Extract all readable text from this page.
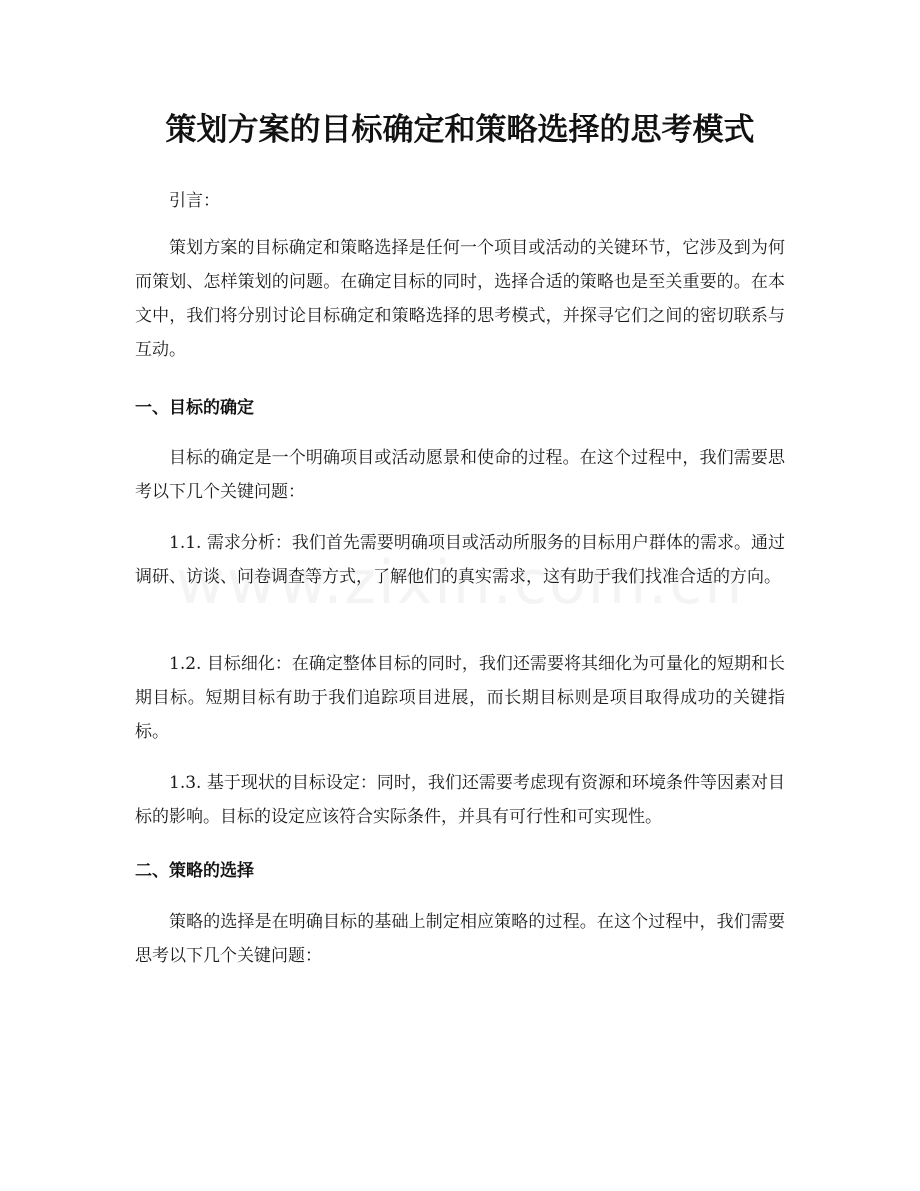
策划方案的目标确定和策略选择的思考模式

引言：

策划方案的目标确定和策略选择是任何一个项目或活动的关键环节，它涉及到为何而策划、怎样策划的问题。在确定目标的同时，选择合适的策略也是至关重要的。在本文中，我们将分别讨论目标确定和策略选择的思考模式，并探寻它们之间的密切联系与互动。

一、目标的确定

目标的确定是一个明确项目或活动愿景和使命的过程。在这个过程中，我们需要思考以下几个关键问题：

1.1. 需求分析：我们首先需要明确项目或活动所服务的目标用户群体的需求。通过调研、访谈、问卷调查等方式，了解他们的真实需求，这有助于我们找准合适的方向。

1.2. 目标细化：在确定整体目标的同时，我们还需要将其细化为可量化的短期和长期目标。短期目标有助于我们追踪项目进展，而长期目标则是项目取得成功的关键指标。

1.3. 基于现状的目标设定：同时，我们还需要考虑现有资源和环境条件等因素对目标的影响。目标的设定应该符合实际条件，并具有可行性和可实现性。

二、策略的选择

策略的选择是在明确目标的基础上制定相应策略的过程。在这个过程中，我们需要思考以下几个关键问题：
